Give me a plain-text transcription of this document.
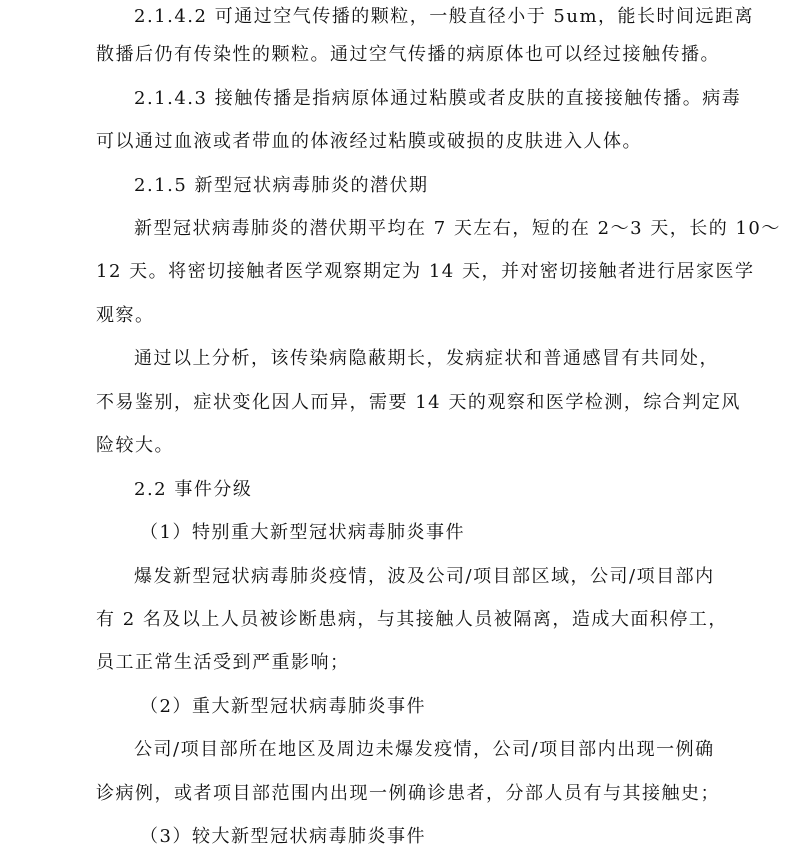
2.1.4.2 可通过空气传播的颗粒，一般直径小于 5um，能长时间远距离
散播后仍有传染性的颗粒。通过空气传播的病原体也可以经过接触传播。
2.1.4.3 接触传播是指病原体通过粘膜或者皮肤的直接接触传播。病毒
可以通过血液或者带血的体液经过粘膜或破损的皮肤进入人体。
2.1.5 新型冠状病毒肺炎的潜伏期
新型冠状病毒肺炎的潜伏期平均在 7 天左右，短的在 2～3 天，长的 10～
12 天。将密切接触者医学观察期定为 14 天，并对密切接触者进行居家医学
观察。
通过以上分析，该传染病隐蔽期长，发病症状和普通感冒有共同处，
不易鉴别，症状变化因人而异，需要 14 天的观察和医学检测，综合判定风
险较大。
2.2 事件分级
（1）特别重大新型冠状病毒肺炎事件
爆发新型冠状病毒肺炎疫情，波及公司/项目部区域，公司/项目部内
有 2 名及以上人员被诊断患病，与其接触人员被隔离，造成大面积停工，
员工正常生活受到严重影响；
（2）重大新型冠状病毒肺炎事件
公司/项目部所在地区及周边未爆发疫情，公司/项目部内出现一例确
诊病例，或者项目部范围内出现一例确诊患者，分部人员有与其接触史；
（3）较大新型冠状病毒肺炎事件
